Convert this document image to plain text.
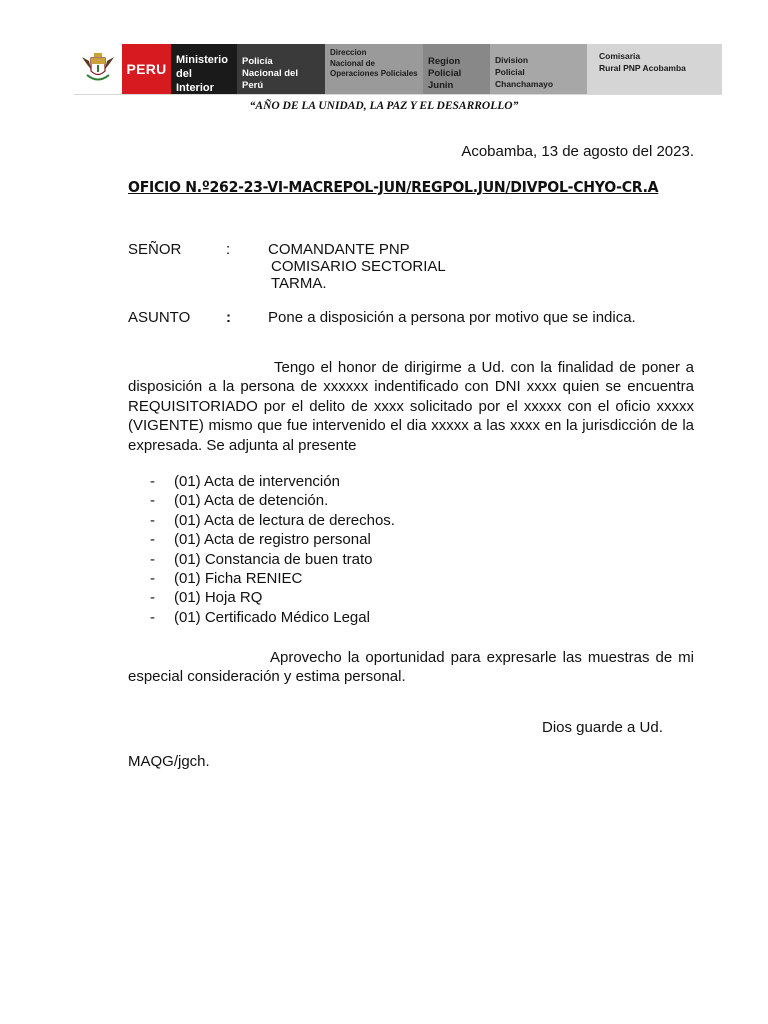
PERU
Ministerio
del Interior
Policía
Nacional del Perú
Direccion
Nacional de
Operaciones Policiales
Region
Policial Junin
Division
Policial Chanchamayo
Comisaria
Rural PNP Acobamba
“AÑO DE LA UNIDAD, LA PAZ Y EL DESARROLLO”
Acobamba, 13 de agosto del 2023.
OFICIO N.º262-23-VI-MACREPOL-JUN/REGPOL.JUN/DIVPOL-CHYO-CR.A
SEÑOR	:	COMANDANTE PNP
COMISARIO SECTORIAL
TARMA.
ASUNTO : Pone a disposición a persona por motivo que se indica.
Tengo el honor de dirigirme a Ud. con la finalidad de poner a disposición a la persona de xxxxxx indentificado con DNI xxxx quien se encuentra REQUISITORIADO por el delito de xxxx solicitado por el xxxxx con el oficio xxxxx (VIGENTE) mismo que fue intervenido el dia xxxxx a las xxxx en la jurisdicción de la expresada. Se adjunta al presente
-	(01) Acta de intervención
-	(01) Acta de detención.
-	(01) Acta de lectura de derechos.
-	(01) Acta de registro personal
-	(01) Constancia de buen trato
-	(01) Ficha RENIEC
-	(01) Hoja RQ
-	(01) Certificado Médico Legal
Aprovecho la oportunidad para expresarle las muestras de mi especial consideración y estima personal.
Dios guarde a Ud.
MAQG/jgch.
